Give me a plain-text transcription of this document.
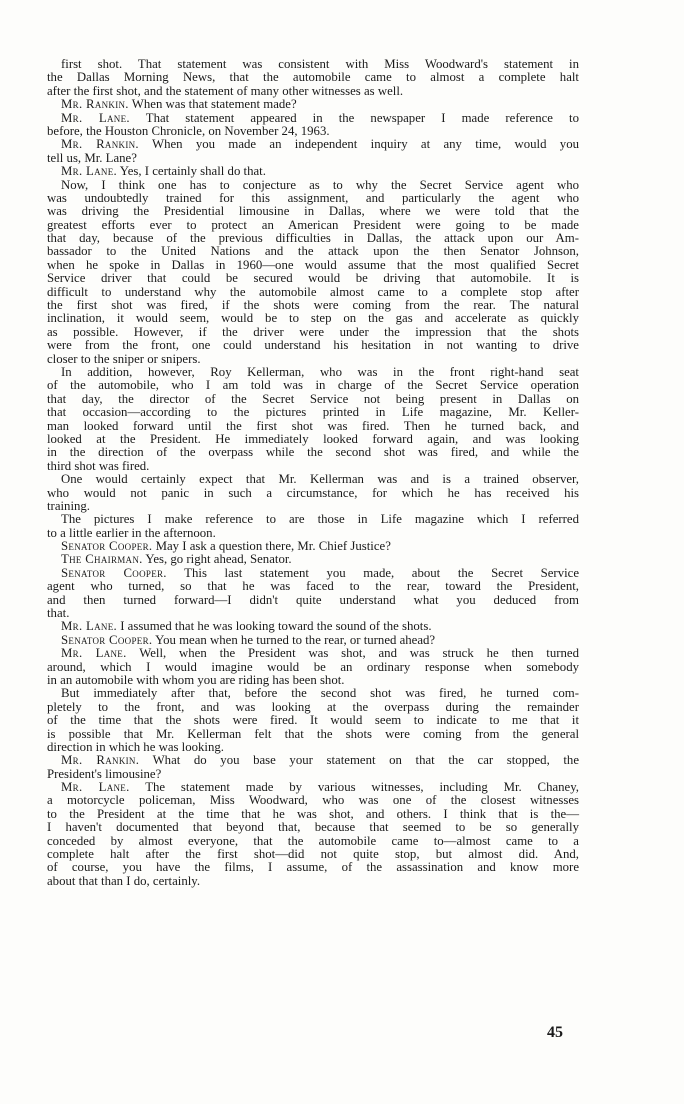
first shot. That statement was consistent with Miss Woodward's statement in
the Dallas Morning News, that the automobile came to almost a complete halt
after the first shot, and the statement of many other witnesses as well.
Mr. Rankin. When was that statement made?
Mr. Lane. That statement appeared in the newspaper I made reference to
before, the Houston Chronicle, on November 24, 1963.
Mr. Rankin. When you made an independent inquiry at any time, would you
tell us, Mr. Lane?
Mr. Lane. Yes, I certainly shall do that.
Now, I think one has to conjecture as to why the Secret Service agent who
was undoubtedly trained for this assignment, and particularly the agent who
was driving the Presidential limousine in Dallas, where we were told that the
greatest efforts ever to protect an American President were going to be made
that day, because of the previous difficulties in Dallas, the attack upon our Am-
bassador to the United Nations and the attack upon the then Senator Johnson,
when he spoke in Dallas in 1960—one would assume that the most qualified Secret
Service driver that could be secured would be driving that automobile. It is
difficult to understand why the automobile almost came to a complete stop after
the first shot was fired, if the shots were coming from the rear. The natural
inclination, it would seem, would be to step on the gas and accelerate as quickly
as possible. However, if the driver were under the impression that the shots
were from the front, one could understand his hesitation in not wanting to drive
closer to the sniper or snipers.
In addition, however, Roy Kellerman, who was in the front right-hand seat
of the automobile, who I am told was in charge of the Secret Service operation
that day, the director of the Secret Service not being present in Dallas on
that occasion—according to the pictures printed in Life magazine, Mr. Keller-
man looked forward until the first shot was fired. Then he turned back, and
looked at the President. He immediately looked forward again, and was looking
in the direction of the overpass while the second shot was fired, and while the
third shot was fired.
One would certainly expect that Mr. Kellerman was and is a trained observer,
who would not panic in such a circumstance, for which he has received his
training.
The pictures I make reference to are those in Life magazine which I referred
to a little earlier in the afternoon.
Senator Cooper. May I ask a question there, Mr. Chief Justice?
The Chairman. Yes, go right ahead, Senator.
Senator Cooper. This last statement you made, about the Secret Service
agent who turned, so that he was faced to the rear, toward the President,
and then turned forward—I didn't quite understand what you deduced from
that.
Mr. Lane. I assumed that he was looking toward the sound of the shots.
Senator Cooper. You mean when he turned to the rear, or turned ahead?
Mr. Lane. Well, when the President was shot, and was struck he then turned
around, which I would imagine would be an ordinary response when somebody
in an automobile with whom you are riding has been shot.
But immediately after that, before the second shot was fired, he turned com-
pletely to the front, and was looking at the overpass during the remainder
of the time that the shots were fired. It would seem to indicate to me that it
is possible that Mr. Kellerman felt that the shots were coming from the general
direction in which he was looking.
Mr. Rankin. What do you base your statement on that the car stopped, the
President's limousine?
Mr. Lane. The statement made by various witnesses, including Mr. Chaney,
a motorcycle policeman, Miss Woodward, who was one of the closest witnesses
to the President at the time that he was shot, and others. I think that is the—
I haven't documented that beyond that, because that seemed to be so generally
conceded by almost everyone, that the automobile came to—almost came to a
complete halt after the first shot—did not quite stop, but almost did. And,
of course, you have the films, I assume, of the assassination and know more
about that than I do, certainly.
45
